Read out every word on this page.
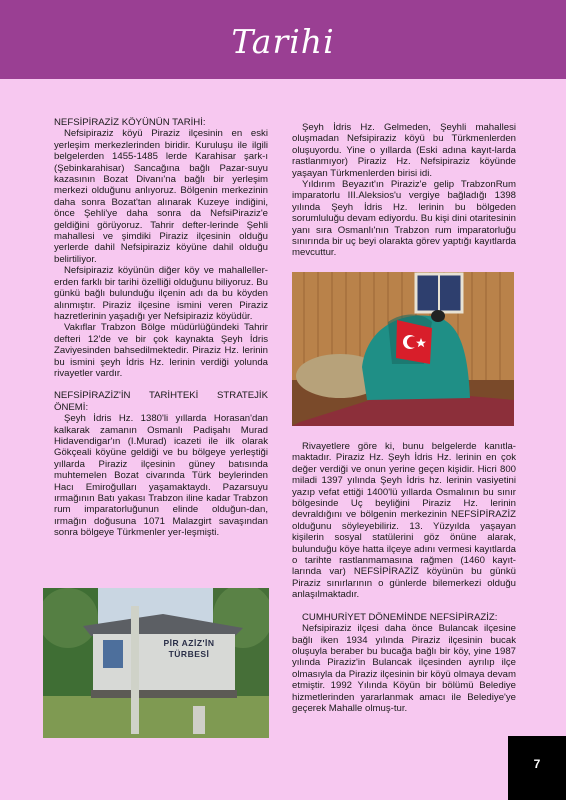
Tarihi

NEFSİPİRAZİZ KÖYÜNÜN TARİHİ:

Nefsipiraziz köyü Piraziz ilçesinin en eski yerleşim merkezlerinden biridir. Kuruluşu ile ilgili belgelerden 1455-1485 lerde Karahisar şark-ı (Şebinkarahisar) Sancağına bağlı Pazar-suyu kazasının Bozat Divanı'na bağlı bir yerleşim merkezi olduğunu anlıyoruz. Bölgenin merkezinin daha sonra Bozat'tan alınarak Kuzeye indiğini, önce Şehli'ye daha sonra da NefsiPiraziz'e geldiğini görüyoruz. Tahrir defter-lerinde Şehli mahallesi ve şimdiki Piraziz ilçesinin olduğu yerlerde dahil Nefsipiraziz köyüne dahil olduğu belirtiliyor.

Nefsipiraziz köyünün diğer köy ve mahalleller-erden farklı bir tarihi özelliği olduğunu biliyoruz. Bu günkü bağlı bulunduğu ilçenin adı da bu köyden alınmıştır. Piraziz ilçesine ismini veren Piraziz hazretlerinin yaşadığı yer Nefsipiraziz köyüdür.

Vakıflar Trabzon Bölge müdürlüğündeki Tahrir defteri 12'de ve bir çok kaynakta Şeyh İdris Zaviyesinden bahsedilmektedir. Piraziz Hz. lerinin bu ismini şeyh İdris Hz. lerinin verdiği yolunda rivayetler vardır.

NEFSİPİRAZİZ'İN TARİHTEKİ STRATEJİK ÖNEMİ:

Şeyh İdris Hz. 1380'li yıllarda Horasan'dan kalkarak zamanın Osmanlı Padişahı Murad Hidavendigar'ın (I.Murad) icazeti ile ilk olarak Gökçeali köyüne geldiği ve bu bölgeye yerleştiği yıllarda Piraziz ilçesinin güney batısında muhtemelen Bozat civarında Türk beylerinden Hacı Emiroğulları yaşamaktaydı. Pazarsuyu ırmağının Batı yakası Trabzon iline kadar Trabzon rum imparatorluğunun elinde olduğun-dan, ırmağın doğusuna 1071 Malazgirt savaşından sonra bölgeye Türkmenler yer-leşmişti.

Şeyh İdris Hz. Gelmeden, Şeyhli mahallesi oluşmadan Nefsipiraziz köyü bu Türkmenlerden oluşuyordu. Yine o yıllarda (Eski adına kayıt-larda rastlanmıyor) Piraziz Hz. Nefsipiraziz köyünde yaşayan Türkmenlerden birisi idi.

Yıldırım Beyazıt'ın Piraziz'e gelip TrabzonRum imparatorlu III.Aleksios'u vergiye bağladığı 1398 yılında Şeyh İdris Hz. lerinin bu bölgeden sorumluluğu devam ediyordu. Bu kişi dini otaritesinin yanı sıra Osmanlı'nın Trabzon rum imparatorluğu sınırında bir uç beyi olarakta görev yaptığı kayıtlarda mevcuttur.

Rivayetlere göre ki, bunu belgelerde kanıtla-maktadır. Piraziz Hz. Şeyh İdris Hz. lerinin en çok değer verdiği ve onun yerine geçen kişidir. Hicri 800 miladi 1397 yılında Şeyh İdris hz. lerinin vasiyetini yazıp vefat ettiği 1400'lü yıllarda Osmalının bu sınır bölgesinde Uç beyliğini Piraziz Hz. lerinin devraldığını ve bölgenin merkezinin NEFSİPİRAZİZ olduğunu söyleyebiliriz. 13. Yüzyılda yaşayan kişilerin sosyal statülerini göz önüne alarak, bulunduğu köye hatta ilçeye adını vermesi kayıtlarda o tarihte rastlanmamasına rağmen (1460 kayıt-larında var) NEFSİPİRAZİZ köyünün bu günkü Piraziz sınırlarının o günlerde bilemerkezi olduğu anlaşılmaktadır.

CUMHURİYET DÖNEMİNDE NEFSİPİRAZİZ:

Nefsipiraziz ilçesi daha önce Bulancak ilçesine bağlı iken 1934 yılında Piraziz ilçesinin bucak oluşuyla beraber bu bucağa bağlı bir köy, yine 1987 yılında Piraziz'in Bulancak ilçesinden ayrılıp ilçe olmasıyla da Piraziz ilçesinin bir köyü olmaya devam etmiştir. 1992 Yılında Köyün bir bölümü Belediye hizmetlerinden yararlanmak amacı ile Belediye'ye geçerek Mahalle olmuş-tur.

PİR AZİZ'İN TÜRBESİ
7
